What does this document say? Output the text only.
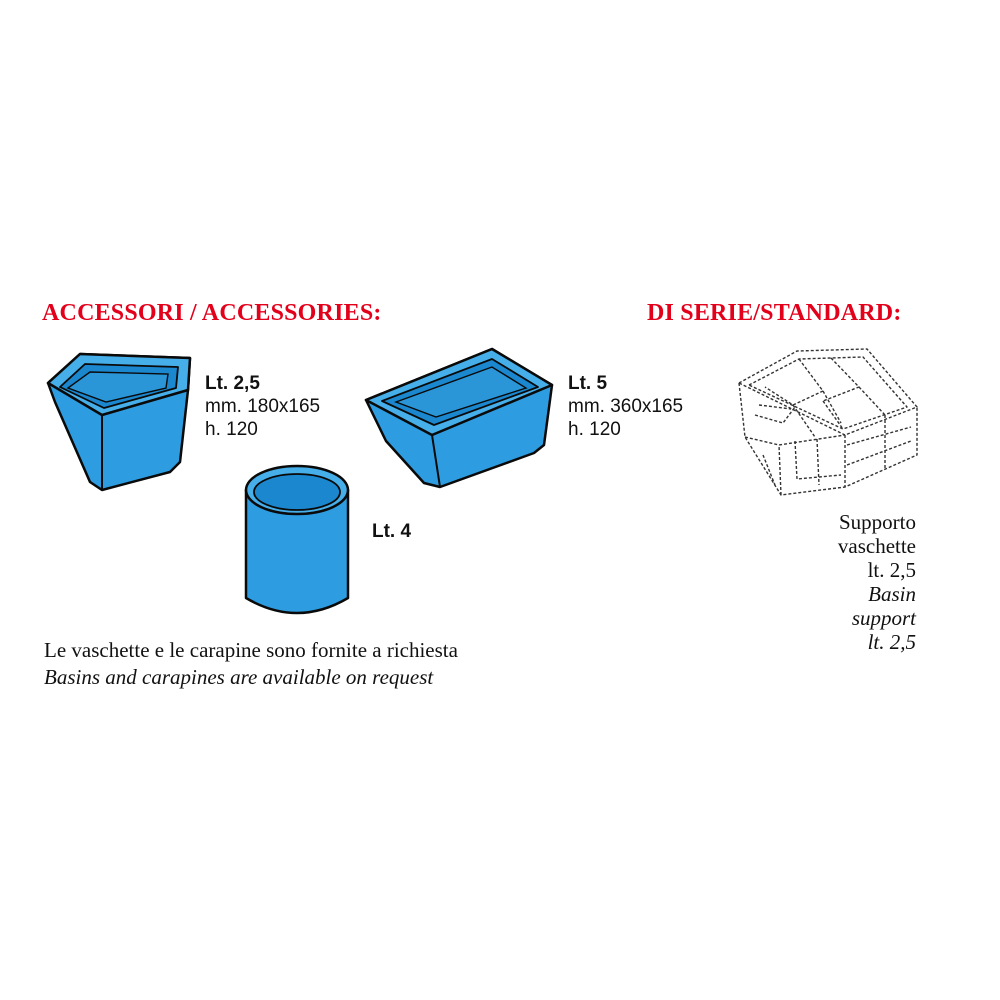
ACCESSORI / ACCESSORIES:	DI SERIE/STANDARD:
Lt. 2,5
mm. 180x165
h. 120
Lt. 5
mm. 360x165
h. 120
Lt. 4
Le vaschette e le carapine sono fornite a richiesta
Basins and carapines are available on request
Supporto
vaschette
lt. 2,5
Basin
support
lt. 2,5
